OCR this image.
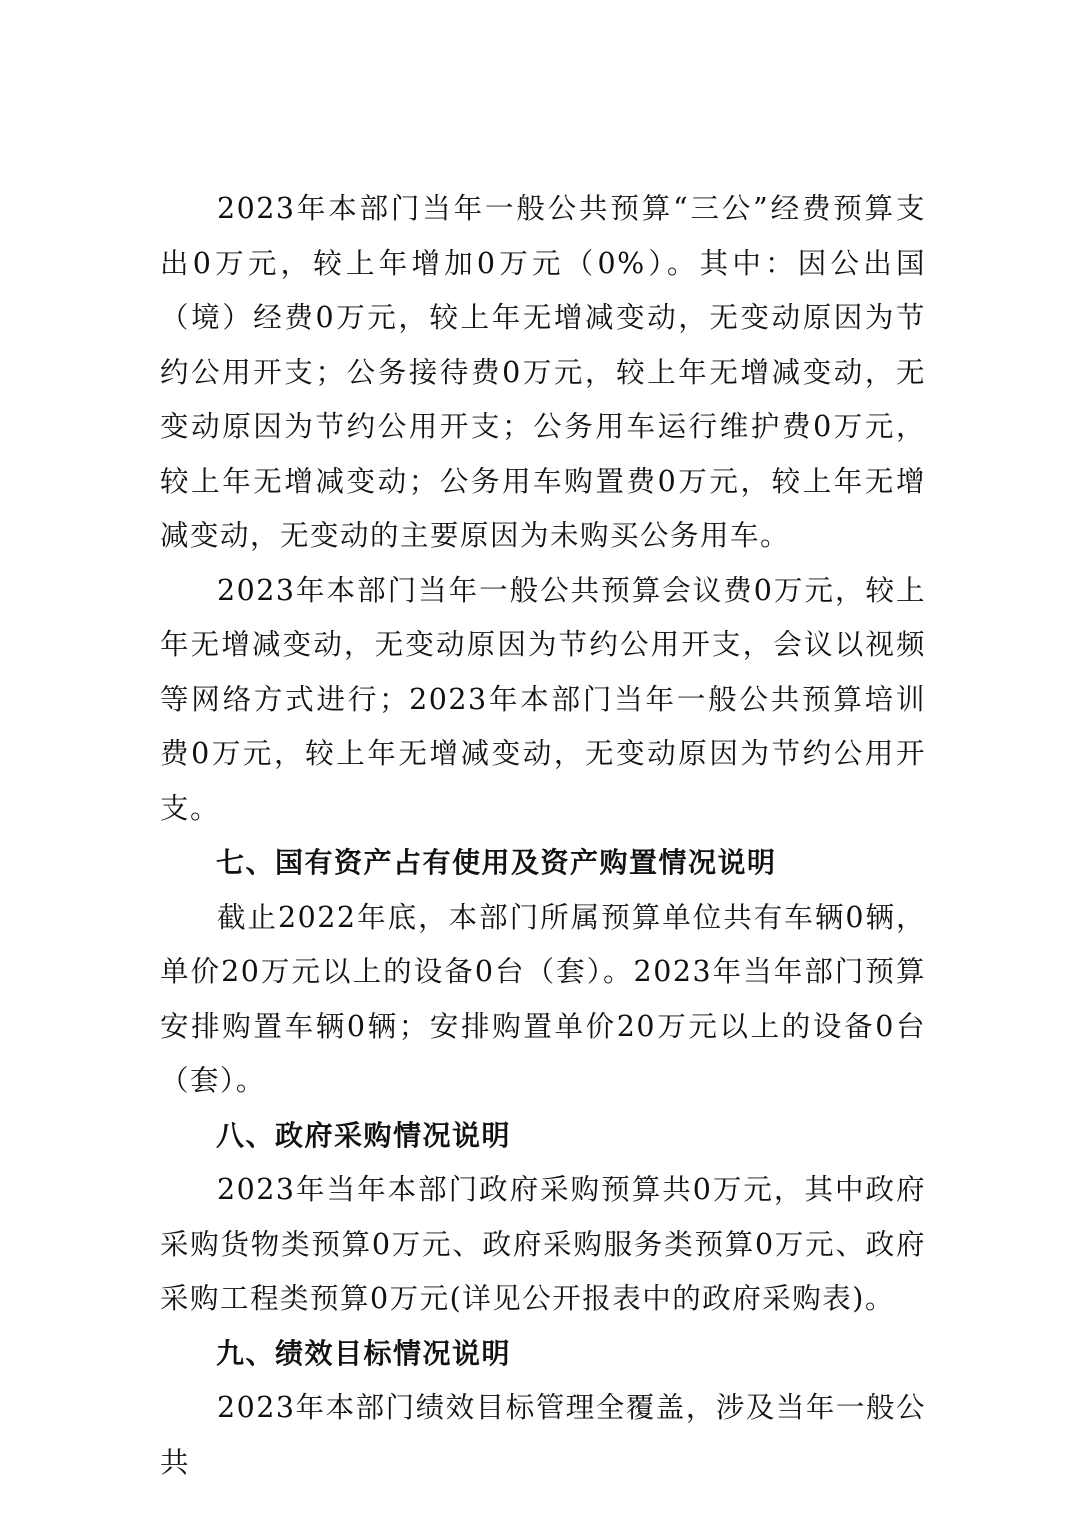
2023年本部门当年一般公共预算“三公”经费预算支出0万元，较上年增加0万元（0%）。其中：因公出国（境）经费0万元，较上年无增减变动，无变动原因为节约公用开支；公务接待费0万元，较上年无增减变动，无变动原因为节约公用开支；公务用车运行维护费0万元，较上年无增减变动；公务用车购置费0万元，较上年无增减变动，无变动的主要原因为未购买公务用车。

2023年本部门当年一般公共预算会议费0万元，较上年无增减变动，无变动原因为节约公用开支，会议以视频等网络方式进行；2023年本部门当年一般公共预算培训费0万元，较上年无增减变动，无变动原因为节约公用开支。

七、国有资产占有使用及资产购置情况说明

截止2022年底，本部门所属预算单位共有车辆0辆，单价20万元以上的设备0台（套）。2023年当年部门预算安排购置车辆0辆；安排购置单价20万元以上的设备0台（套）。

八、政府采购情况说明

2023年当年本部门政府采购预算共0万元，其中政府采购货物类预算0万元、政府采购服务类预算0万元、政府采购工程类预算0万元(详见公开报表中的政府采购表)。

九、绩效目标情况说明

2023年本部门绩效目标管理全覆盖，涉及当年一般公共
